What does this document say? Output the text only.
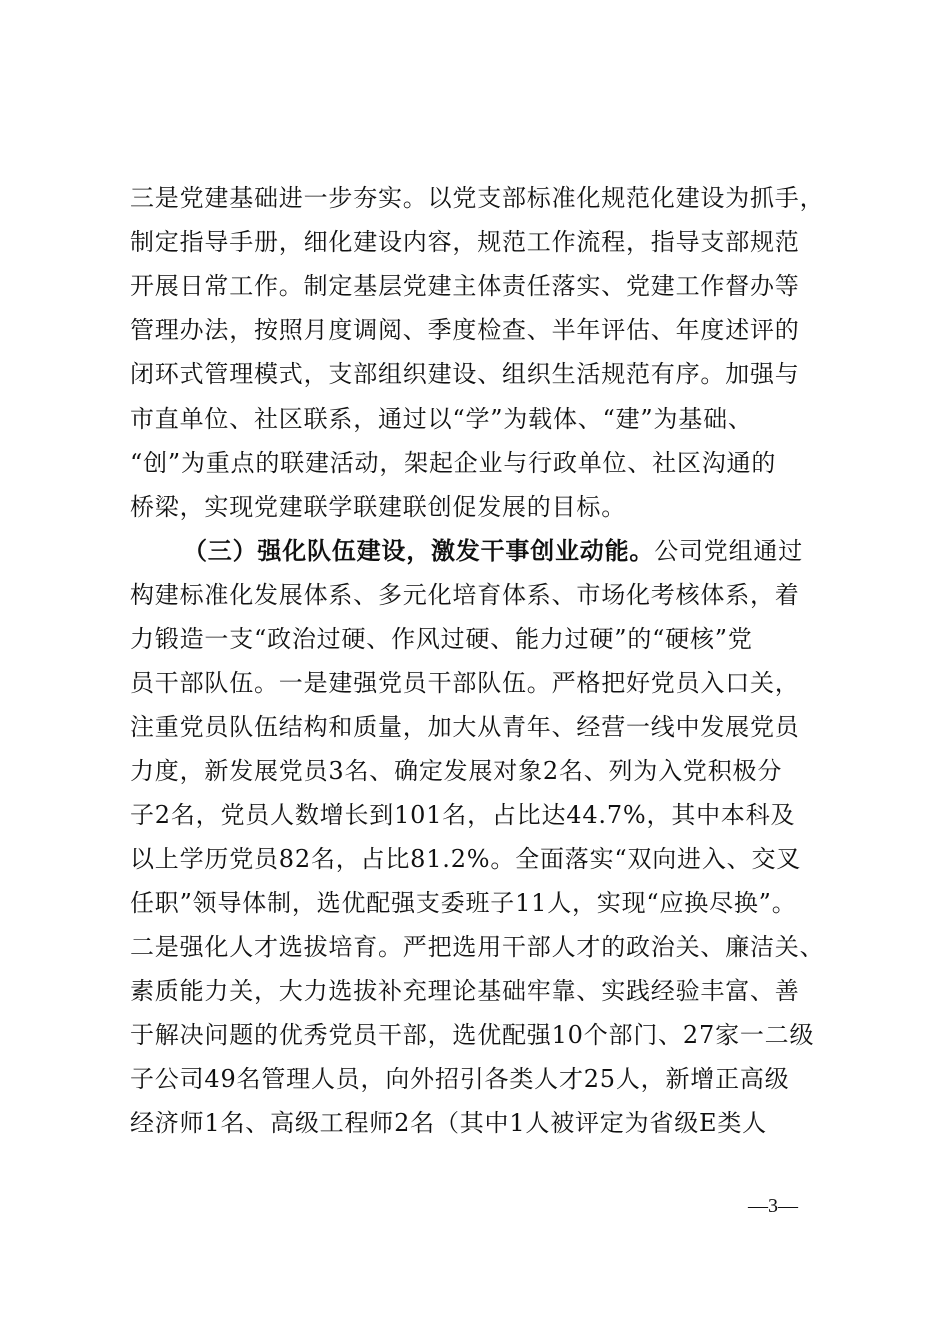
三是党建基础进一步夯实。以党支部标准化规范化建设为抓手，
制定指导手册，细化建设内容，规范工作流程，指导支部规范
开展日常工作。制定基层党建主体责任落实、党建工作督办等
管理办法，按照月度调阅、季度检查、半年评估、年度述评的
闭环式管理模式，支部组织建设、组织生活规范有序。加强与
市直单位、社区联系，通过以“学”为载体、“建”为基础、
“创”为重点的联建活动，架起企业与行政单位、社区沟通的
桥梁，实现党建联学联建联创促发展的目标。
（三）强化队伍建设，激发干事创业动能。公司党组通过
构建标准化发展体系、多元化培育体系、市场化考核体系，着
力锻造一支“政治过硬、作风过硬、能力过硬”的“硬核”党
员干部队伍。一是建强党员干部队伍。严格把好党员入口关，
注重党员队伍结构和质量，加大从青年、经营一线中发展党员
力度，新发展党员3名、确定发展对象2名、列为入党积极分
子2名，党员人数增长到101名，占比达44.7%，其中本科及
以上学历党员82名，占比81.2%。全面落实“双向进入、交叉
任职”领导体制，选优配强支委班子11人，实现“应换尽换”。
二是强化人才选拔培育。严把选用干部人才的政治关、廉洁关、
素质能力关，大力选拔补充理论基础牢靠、实践经验丰富、善
于解决问题的优秀党员干部，选优配强10个部门、27家一二级
子公司49名管理人员，向外招引各类人才25人，新增正高级
经济师1名、高级工程师2名（其中1人被评定为省级E类人
—3—
